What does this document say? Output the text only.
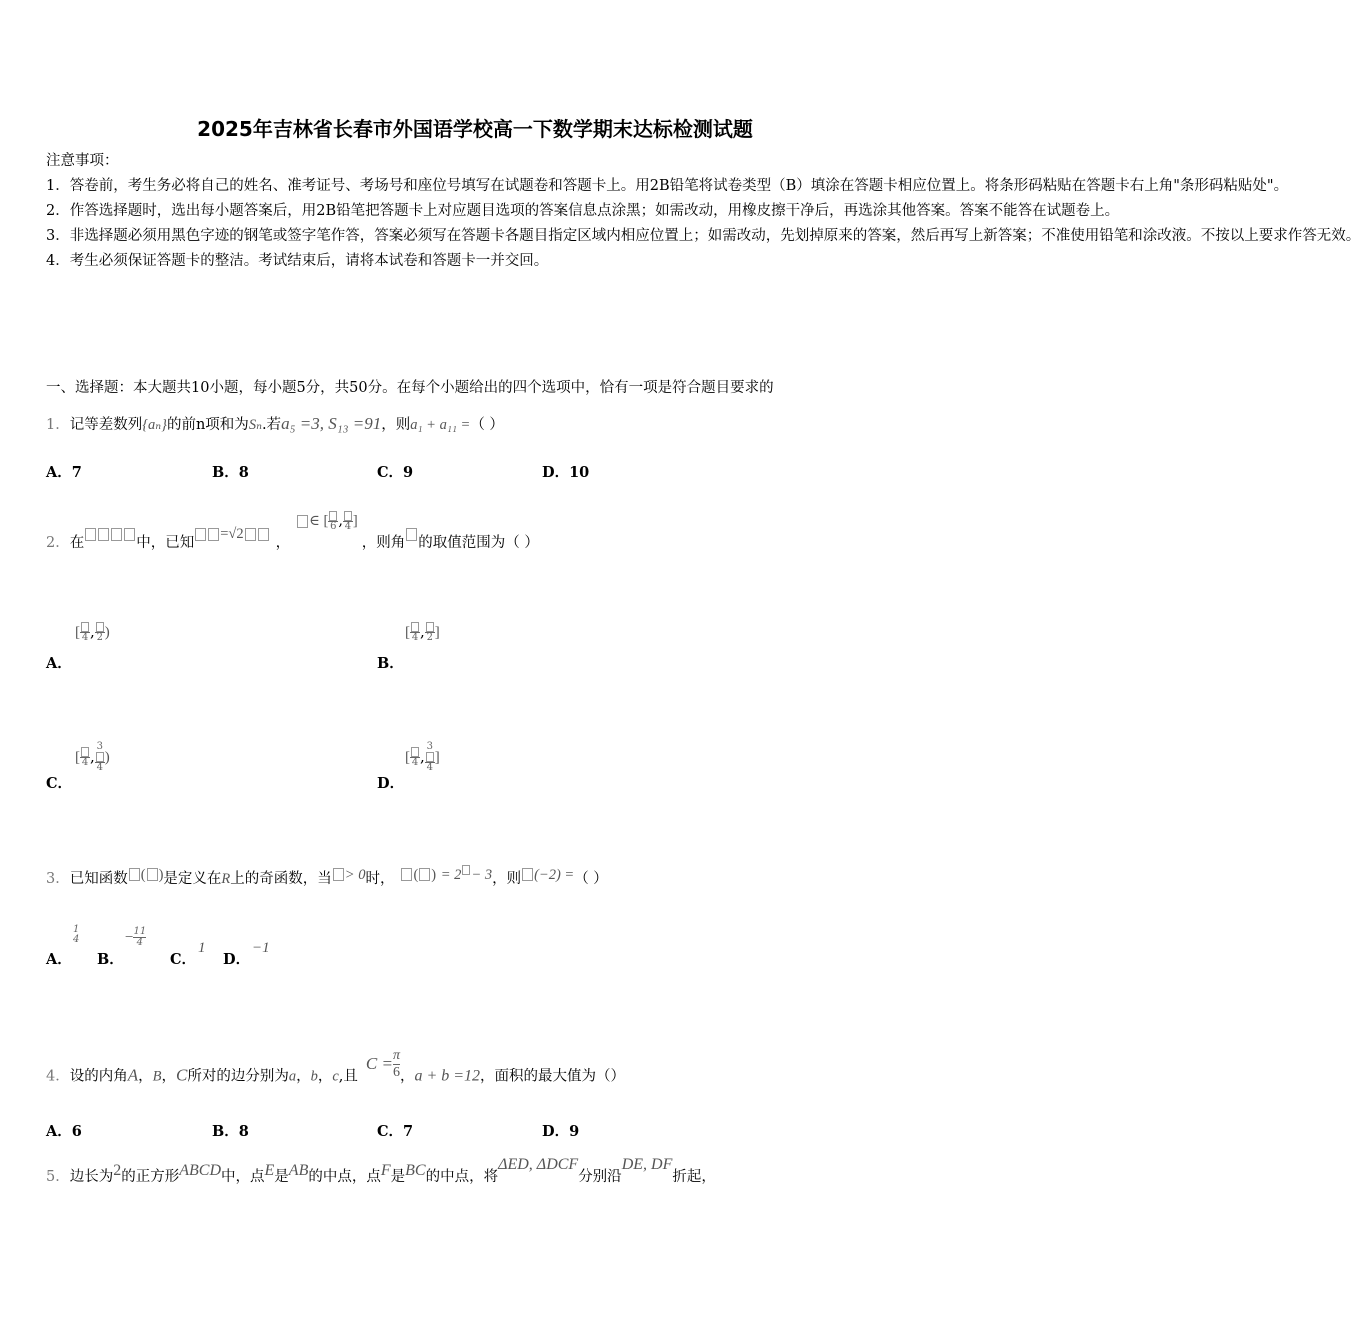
2025年吉林省长春市外国语学校高一下数学期末达标检测试题

注意事项：

1．答卷前，考生务必将自己的姓名、准考证号、考场号和座位号填写在试题卷和答题卡上。用2B铅笔将试卷类型（B）填涂在答题卡相应位置上。将条形码粘贴在答题卡右上角"条形码粘贴处"。

2．作答选择题时，选出每小题答案后，用2B铅笔把答题卡上对应题目选项的答案信息点涂黑；如需改动，用橡皮擦干净后，再选涂其他答案。答案不能答在试题卷上。

3．非选择题必须用黑色字迹的钢笔或签字笔作答，答案必须写在答题卡各题目指定区域内相应位置上；如需改动，先划掉原来的答案，然后再写上新答案；不准使用铅笔和涂改液。不按以上要求作答无效。

4．考生必须保证答题卡的整洁。考试结束后，请将本试卷和答题卡一并交回。

一、选择题：本大题共10小题，每小题5分，共50分。在每个小题给出的四个选项中，恰有一项是符合题目要求的
1．记等差数列{aₙ}的前n项和为Sₙ.若a₅ =3, S₁₃ =91，则a₁ + a₁₁ =（ ）
A．7	B．8	C．9	D．10
2．在	中，已知=√2，∈ [ 6 , 4 ]，则角 的取值范围为（ ）
[ 4 , 2 )
A．
[ 4 , 2 ]
B．
[ 4 , $\frac{3}{4}$ )
C．
[ 4 , $\frac{3}{4}$ ]
D．
3．已知函数 ( )是定义在R上的奇函数，当 > 0时， ( ) = 2 − 3，则 (−2) =（ ）
1
4
A． B．
− $\frac{11}{4}$
C．
1
D．
−1
4．设的内角A，B，C所对的边分别为a，b，c,且$C = \frac{\pi}{6}$ ，a + b =12，面积的最大值为（）
A．6	B．8	C．7	D．9
5．边长为2的正方形ABCD中，点E是AB的中点，点F是BC的中点，将ΔED, ΔDCF分别沿DE, DF折起，
